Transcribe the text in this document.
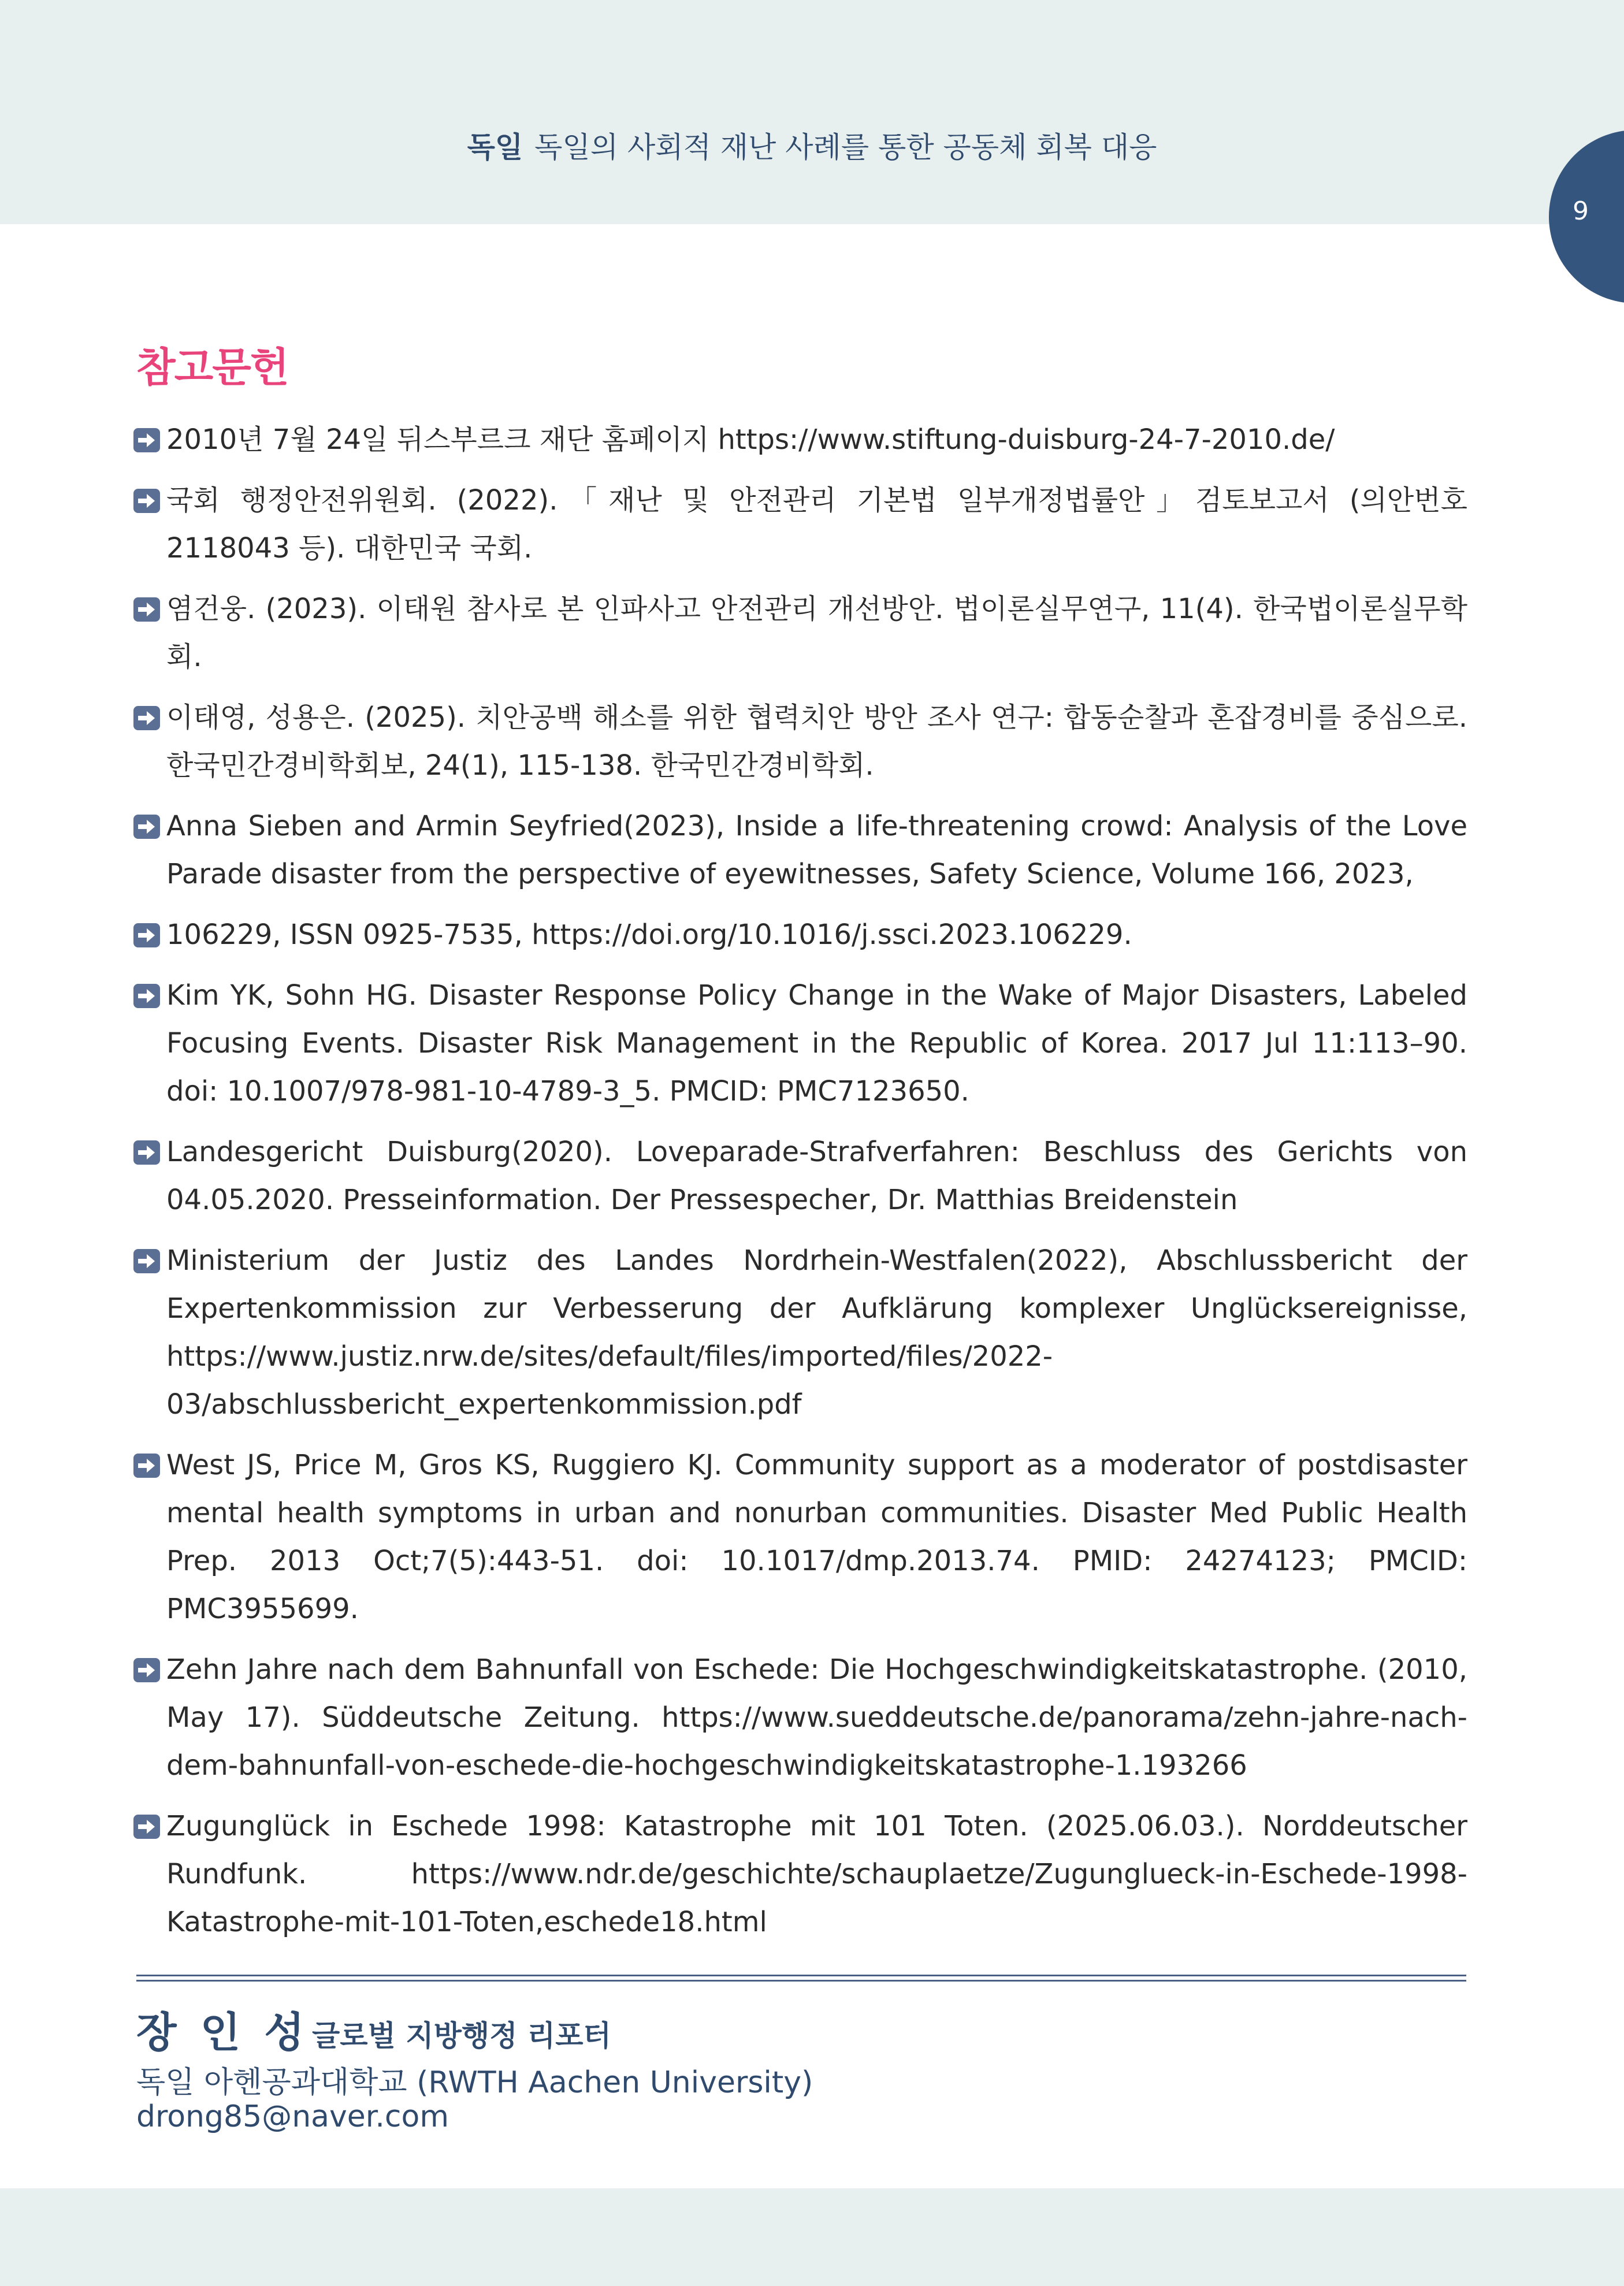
독일 독일의 사회적 재난 사례를 통한 공동체 회복 대응
9
참고문헌
2010년 7월 24일 뒤스부르크 재단 홈페이지 https://www.stiftung-duisburg-24-7-2010.de/
국회 행정안전위원회. (2022).「재난 및 안전관리 기본법 일부개정법률안」검토보고서 (의안번호 2118043 등). 대한민국 국회.
염건웅. (2023). 이태원 참사로 본 인파사고 안전관리 개선방안. 법이론실무연구, 11(4). 한국법이론실무학회.
이태영, 성용은. (2025). 치안공백 해소를 위한 협력치안 방안 조사 연구: 합동순찰과 혼잡경비를 중심으로. 한국민간경비학회보, 24(1), 115-138. 한국민간경비학회.
Anna Sieben and Armin Seyfried(2023), Inside a life-threatening crowd: Analysis of the Love Parade disaster from the perspective of eyewitnesses, Safety Science, Volume 166, 2023,
106229, ISSN 0925-7535, https://doi.org/10.1016/j.ssci.2023.106229.
Kim YK, Sohn HG. Disaster Response Policy Change in the Wake of Major Disasters, Labeled Focusing Events. Disaster Risk Management in the Republic of Korea. 2017 Jul 11:113–90. doi: 10.1007/978-981-10-4789-3_5. PMCID: PMC7123650.
Landesgericht Duisburg(2020). Loveparade-Strafverfahren: Beschluss des Gerichts von 04.05.2020. Presseinformation. Der Pressespecher, Dr. Matthias Breidenstein
Ministerium der Justiz des Landes Nordrhein-Westfalen(2022), Abschlussbericht der Expertenkommission zur Verbesserung der Aufklärung komplexer Unglücksereignisse, https://www.justiz.nrw.de/sites/default/files/imported/files/2022-03/abschlussbericht_expertenkommission.pdf
West JS, Price M, Gros KS, Ruggiero KJ. Community support as a moderator of postdisaster mental health symptoms in urban and nonurban communities. Disaster Med Public Health Prep. 2013 Oct;7(5):443-51. doi: 10.1017/dmp.2013.74. PMID: 24274123; PMCID: PMC3955699.
Zehn Jahre nach dem Bahnunfall von Eschede: Die Hochgeschwindigkeitskatastrophe. (2010, May 17). Süddeutsche Zeitung. https://www.sueddeutsche.de/panorama/zehn-jahre-nach-dem-bahnunfall-von-eschede-die-hochgeschwindigkeitskatastrophe-1.193266
Zugunglück in Eschede 1998: Katastrophe mit 101 Toten. (2025.06.03.). Norddeutscher Rundfunk. https://www.ndr.de/geschichte/schauplaetze/Zugunglueck-in-Eschede-1998-Katastrophe-mit-101-Toten,eschede18.html
장 인 성 글로벌 지방행정 리포터
독일 아헨공과대학교 (RWTH Aachen University)
drong85@naver.com
